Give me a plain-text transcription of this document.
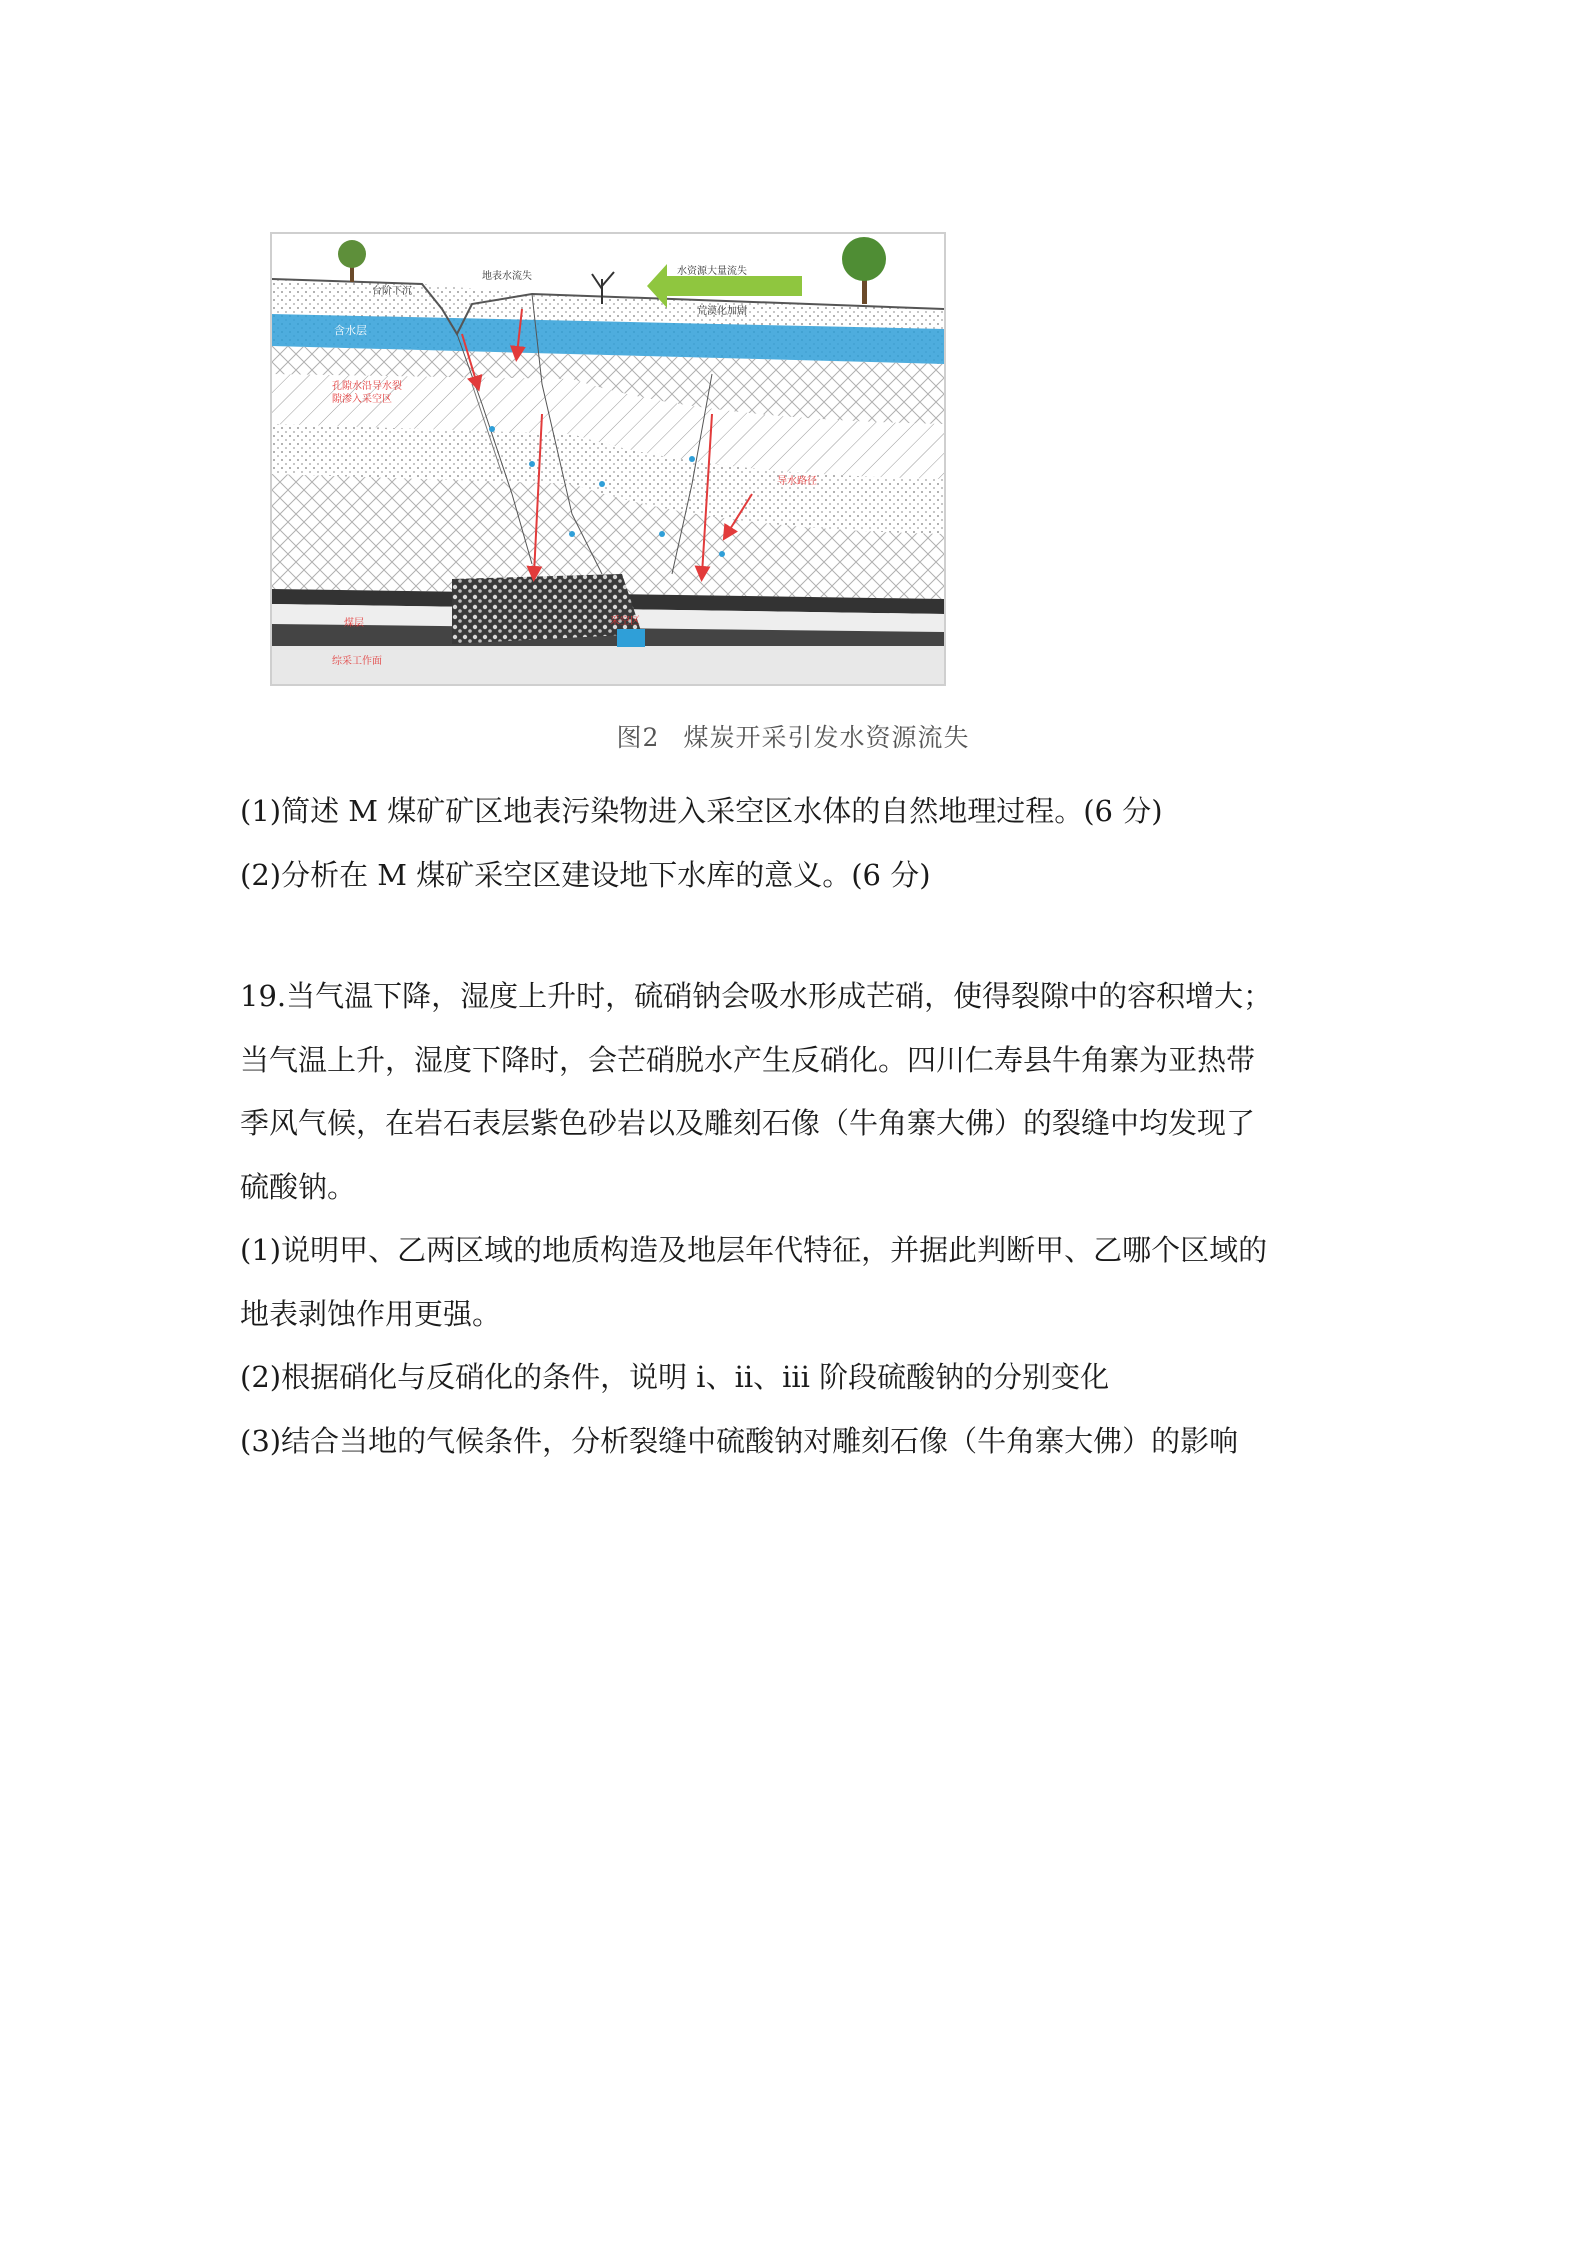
台阶下沉
地表水流失	水资源大量流失
荒漠化加剧
含水层
孔隙水沿导水裂
隙渗入采空区
导水路径
煤层	采空区
综采工作面
图2 煤炭开采引发水资源流失
(1)简述 M 煤矿矿区地表污染物进入采空区水体的自然地理过程。(6 分)
(2)分析在 M 煤矿采空区建设地下水库的意义。(6 分)
19.当气温下降，湿度上升时，硫硝钠会吸水形成芒硝，使得裂隙中的容积增大；
当气温上升，湿度下降时，会芒硝脱水产生反硝化。四川仁寿县牛角寨为亚热带
季风气候，在岩石表层紫色砂岩以及雕刻石像（牛角寨大佛）的裂缝中均发现了
硫酸钠。
(1)说明甲、乙两区域的地质构造及地层年代特征，并据此判断甲、乙哪个区域的
地表剥蚀作用更强。
(2)根据硝化与反硝化的条件，说明 i、ii、iii 阶段硫酸钠的分别变化
(3)结合当地的气候条件，分析裂缝中硫酸钠对雕刻石像（牛角寨大佛）的影响
